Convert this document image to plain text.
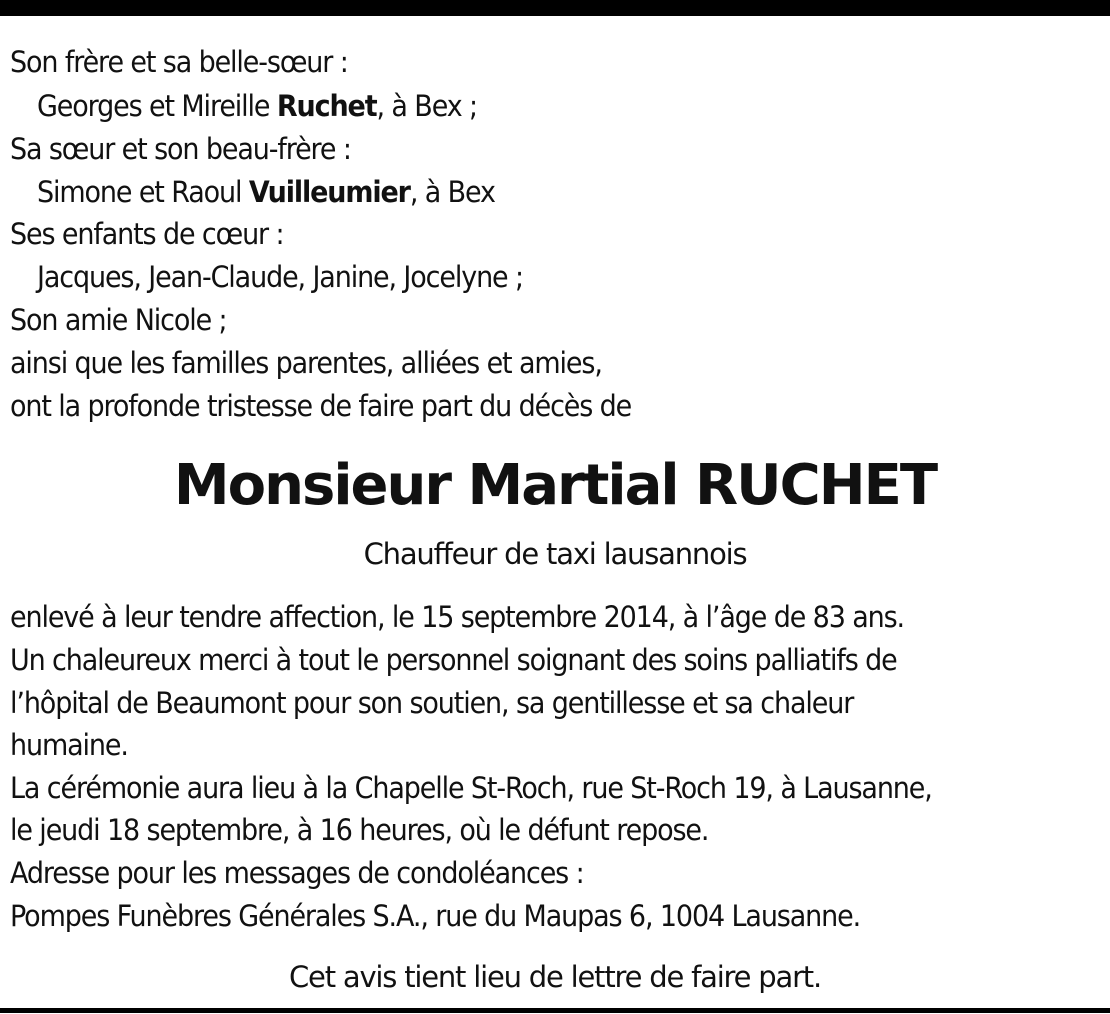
Son frère et sa belle-sœur :
Georges et Mireille Ruchet, à Bex ;
Sa sœur et son beau-frère :
Simone et Raoul Vuilleumier, à Bex
Ses enfants de cœur :
Jacques, Jean-Claude, Janine, Jocelyne ;
Son amie Nicole ;
ainsi que les familles parentes, alliées et amies,
ont la profonde tristesse de faire part du décès de
Monsieur Martial RUCHET
Chauffeur de taxi lausannois
enlevé à leur tendre affection, le 15 septembre 2014, à l’âge de 83 ans.
Un chaleureux merci à tout le personnel soignant des soins palliatifs de
l’hôpital de Beaumont pour son soutien, sa gentillesse et sa chaleur
humaine.
La cérémonie aura lieu à la Chapelle St-Roch, rue St-Roch 19, à Lausanne,
le jeudi 18 septembre, à 16 heures, où le défunt repose.
Adresse pour les messages de condoléances :
Pompes Funèbres Générales S.A., rue du Maupas 6, 1004 Lausanne.
Cet avis tient lieu de lettre de faire part.
